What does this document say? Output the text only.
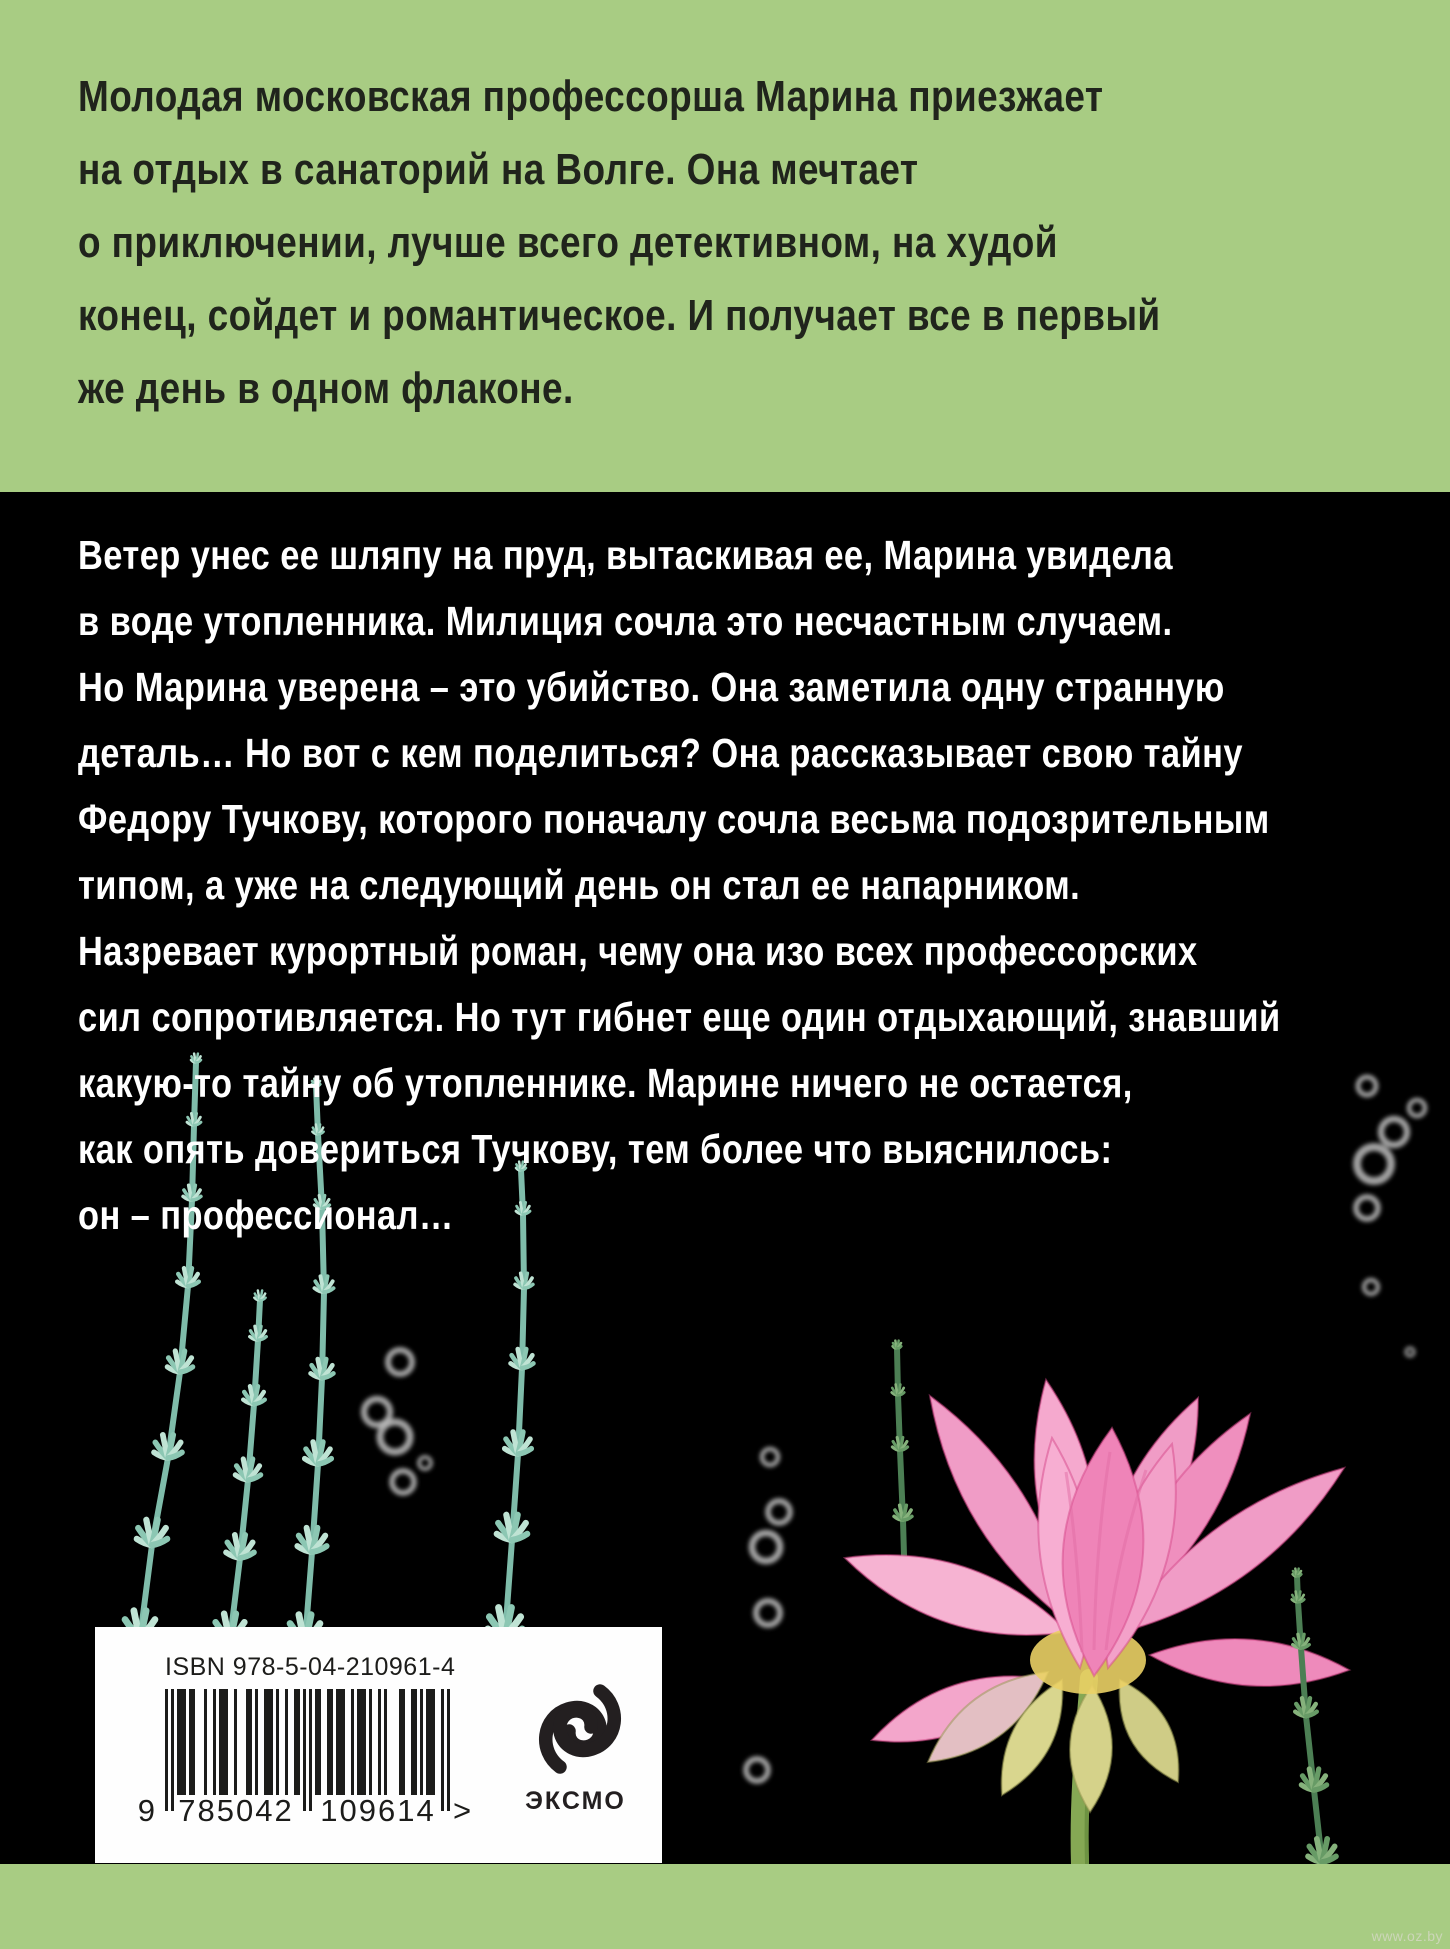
Молодая московская профессорша Марина приезжает
на отдых в санаторий на Волге. Она мечтает
о приключении, лучше всего детективном, на худой
конец, сойдет и романтическое. И получает все в первый
же день в одном флаконе.
Ветер унес ее шляпу на пруд, вытаскивая ее, Марина увидела
в воде утопленника. Милиция сочла это несчастным случаем.
Но Марина уверена – это убийство. Она заметила одну странную
деталь… Но вот с кем поделиться? Она рассказывает свою тайну
Федору Тучкову, которого поначалу сочла весьма подозрительным
типом, а уже на следующий день он стал ее напарником.
Назревает курортный роман, чему она изо всех профессорских
сил сопротивляется. Но тут гибнет еще один отдыхающий, знавший
какую-то тайну об утопленнике. Марине ничего не остается,
как опять довериться Тучкову, тем более что выяснилось:
он – профессионал…
ISBN 978-5-04-210961-4
9 785042 109614 >	ЭКСМО
www.oz.by
